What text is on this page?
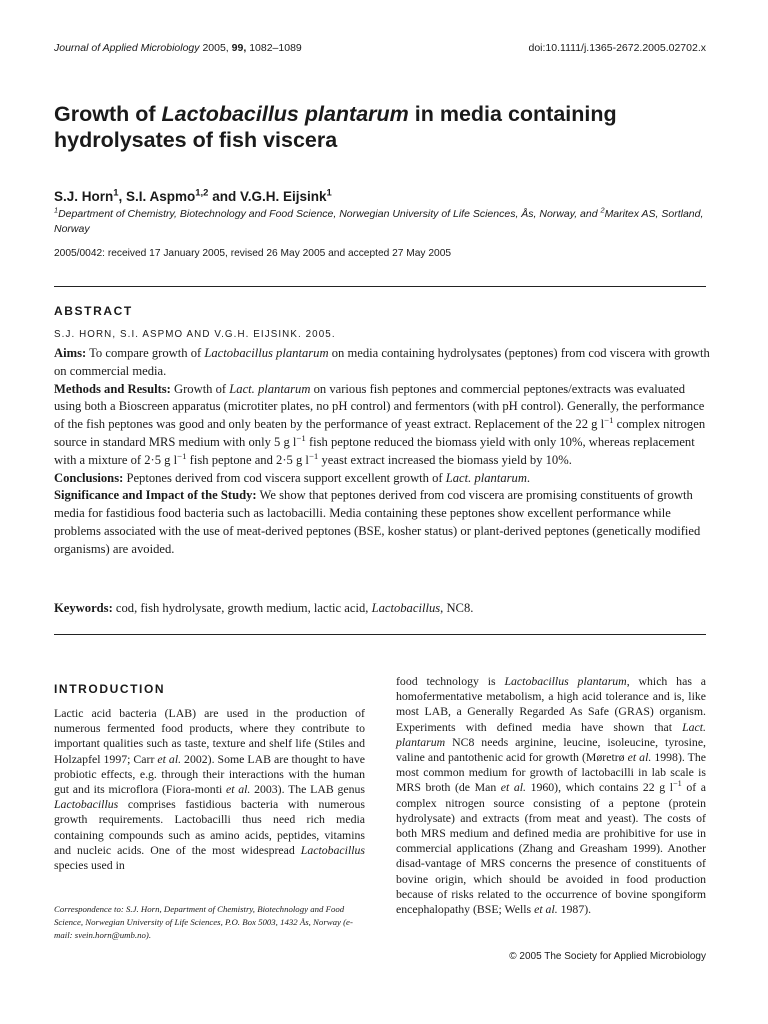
Journal of Applied Microbiology 2005, 99, 1082–1089	doi:10.1111/j.1365-2672.2005.02702.x
Growth of Lactobacillus plantarum in media containing hydrolysates of fish viscera
S.J. Horn$^1$, S.I. Aspmo$^{1,2}$ and V.G.H. Eijsink$^1$
$^1$Department of Chemistry, Biotechnology and Food Science, Norwegian University of Life Sciences, Ås, Norway, and $^2$Maritex AS, Sortland, Norway
2005/0042: received 17 January 2005, revised 26 May 2005 and accepted 27 May 2005
ABSTRACT
S.J. HORN, S.I. ASPMO AND V.G.H. EIJSINK. 2005.

Aims: To compare growth of Lactobacillus plantarum on media containing hydrolysates (peptones) from cod viscera with growth on commercial media.

Methods and Results: Growth of Lact. plantarum on various fish peptones and commercial peptones/extracts was evaluated using both a Bioscreen apparatus (microtiter plates, no pH control) and fermentors (with pH control). Generally, the performance of the fish peptones was good and only beaten by the performance of yeast extract. Replacement of the 22 g $l^{-1}$ complex nitrogen source in standard MRS medium with only 5 g $l^{-1}$ fish peptone reduced the biomass yield with only 10%, whereas replacement with a mixture of 2·5 g $l^{-1}$ fish peptone and 2·5 g $l^{-1}$ yeast extract increased the biomass yield by 10%.

Conclusions: Peptones derived from cod viscera support excellent growth of Lact. plantarum.

Significance and Impact of the Study: We show that peptones derived from cod viscera are promising constituents of growth media for fastidious food bacteria such as lactobacilli. Media containing these peptones show excellent performance while problems associated with the use of meat-derived peptones (BSE, kosher status) or plant-derived peptones (genetically modified organisms) are avoided.

Keywords: cod, fish hydrolysate, growth medium, lactic acid, Lactobacillus, NC8.
INTRODUCTION
Lactic acid bacteria (LAB) are used in the production of numerous fermented food products, where they contribute to important qualities such as taste, texture and shelf life (Stiles and Holzapfel 1997; Carr et al. 2002). Some LAB are thought to have probiotic effects, e.g. through their interactions with the human gut and its microflora (Fiora-monti et al. 2003). The LAB genus Lactobacillus comprises fastidious bacteria with numerous growth requirements. Lactobacilli thus need rich media containing compounds such as amino acids, peptides, vitamins and nucleic acids. One of the most widespread Lactobacillus species used in
Correspondence to: S.J. Horn, Department of Chemistry, Biotechnology and Food Science, Norwegian University of Life Sciences, P.O. Box 5003, 1432 Ås, Norway (e-mail: svein.horn@umb.no).
food technology is Lactobacillus plantarum, which has a homofermentative metabolism, a high acid tolerance and is, like most LAB, a Generally Regarded As Safe (GRAS) organism. Experiments with defined media have shown that Lact. plantarum NC8 needs arginine, leucine, isoleucine, tyrosine, valine and pantothenic acid for growth (Møretrø et al. 1998). The most common medium for growth of lactobacilli in lab scale is MRS broth (de Man et al. 1960), which contains 22 g $l^{-1}$ of a complex nitrogen source consisting of a peptone (protein hydrolysate) and extracts (from meat and yeast). The costs of both MRS medium and defined media are prohibitive for use in commercial applications (Zhang and Greasham 1999). Another disad-vantage of MRS concerns the presence of constituents of bovine origin, which should be avoided in food production because of risks related to the occurrence of bovine spongiform encephalopathy (BSE; Wells et al. 1987).
© 2005 The Society for Applied Microbiology
